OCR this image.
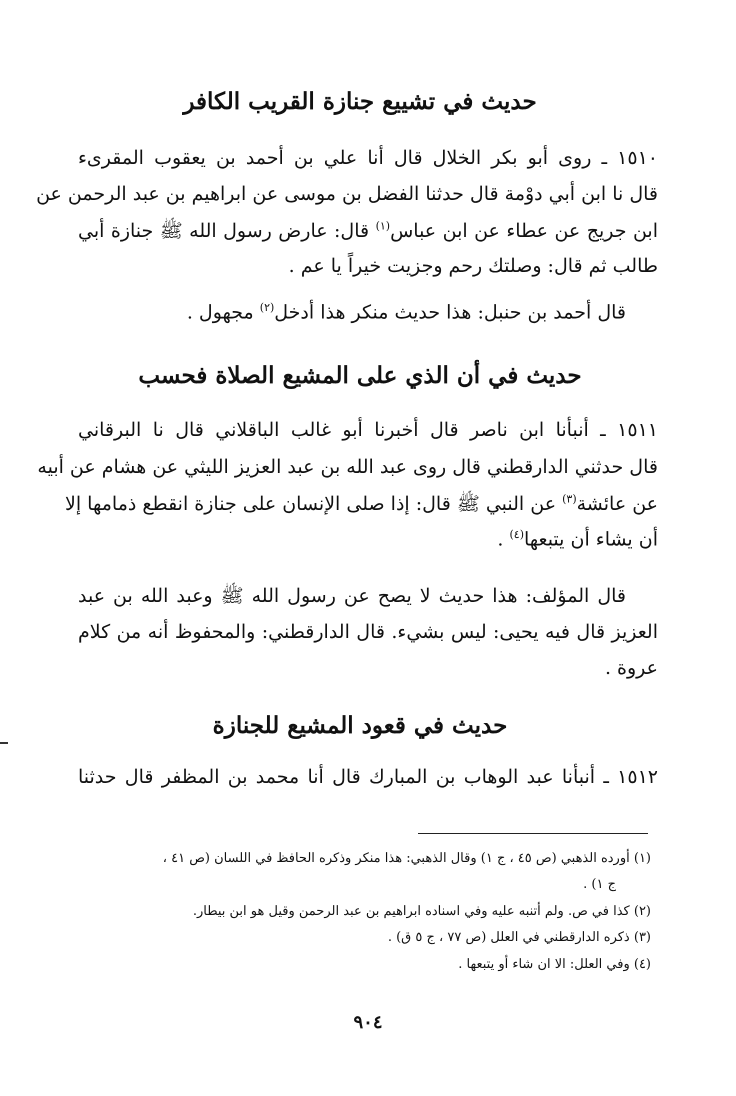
حديث في تشييع جنازة القريب الكافر
١٥١٠ ـ روى أبو بكر الخلال قال أنا علي بن أحمد بن يعقوب المقرىء
قال نا ابن أبي دوْمة قال حدثنا الفضل بن موسى عن ابراهيم بن عبد الرحمن عن
ابن جريج عن عطاء عن ابن عباس$^{(١)}$ قال: عارض رسول الله ﷺ جنازة أبي
طالب ثم قال: وصلتك رحم وجزيت خيراً يا عم .
قال أحمد بن حنبل: هذا حديث منكر هذا أدخل$^{(٢)}$ مجهول .
حديث في أن الذي على المشيع الصلاة فحسب
١٥١١ ـ أنبأنا ابن ناصر قال أخبرنا أبو غالب الباقلاني قال نا البرقاني
قال حدثني الدارقطني قال روى عبد الله بن عبد العزيز الليثي عن هشام عن أبيه
عن عائشة$^{(٣)}$ عن النبي ﷺ قال: إذا صلى الإنسان على جنازة انقطع ذمامها إلا
أن يشاء أن يتبعها$^{(٤)}$ .
قال المؤلف: هذا حديث لا يصح عن رسول الله ﷺ وعبد الله بن عبد
العزيز قال فيه يحيى: ليس بشيء. قال الدارقطني: والمحفوظ أنه من كلام
عروة .
حديث في قعود المشيع للجنازة
١٥١٢ ـ أنبأنا عبد الوهاب بن المبارك قال أنا محمد بن المظفر قال حدثنا
(١) أورده الذهبي (ص ٤٥ ، ج ١) وقال الذهبي: هذا منكر وذكره الحافظ في اللسان (ص ٤١ ،
ج ١) .
(٢) كذا في ص. ولم أتنبه عليه وفي اسناده ابراهيم بن عبد الرحمن وقيل هو ابن بيطار.
(٣) ذكره الدارقطني في العلل (ص ٧٧ ، ج ٥ ق) .
(٤) وفي العلل: الا ان شاء أو يتبعها .
٩٠٤
